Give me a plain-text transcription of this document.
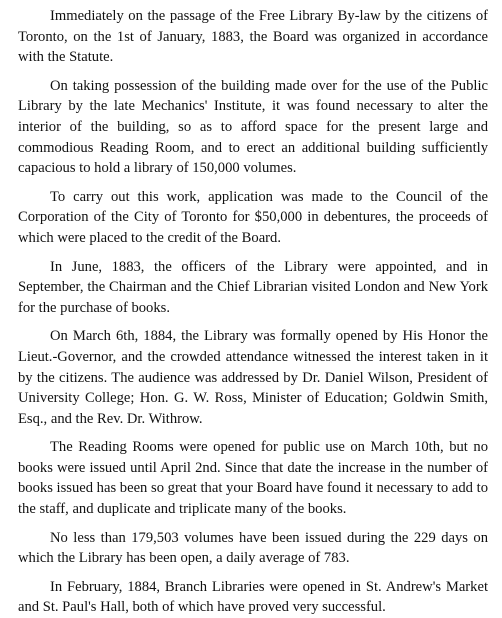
Immediately on the passage of the Free Library By-law by the citizens of Toronto, on the 1st of January, 1883, the Board was organized in accordance with the Statute.

On taking possession of the building made over for the use of the Public Library by the late Mechanics' Institute, it was found necessary to alter the interior of the building, so as to afford space for the present large and commodious Reading Room, and to erect an additional building sufficiently capacious to hold a library of 150,000 volumes.

To carry out this work, application was made to the Council of the Corporation of the City of Toronto for $50,000 in debentures, the proceeds of which were placed to the credit of the Board.

In June, 1883, the officers of the Library were appointed, and in September, the Chairman and the Chief Librarian visited London and New York for the purchase of books.

On March 6th, 1884, the Library was formally opened by His Honor the Lieut.-Governor, and the crowded attendance witnessed the interest taken in it by the citizens. The audience was addressed by Dr. Daniel Wilson, President of University College; Hon. G. W. Ross, Minister of Education; Goldwin Smith, Esq., and the Rev. Dr. Withrow.

The Reading Rooms were opened for public use on March 10th, but no books were issued until April 2nd. Since that date the increase in the number of books issued has been so great that your Board have found it necessary to add to the staff, and duplicate and triplicate many of the books.

No less than 179,503 volumes have been issued during the 229 days on which the Library has been open, a daily average of 783.

In February, 1884, Branch Libraries were opened in St. Andrew's Market and St. Paul's Hall, both of which have proved very successful.
